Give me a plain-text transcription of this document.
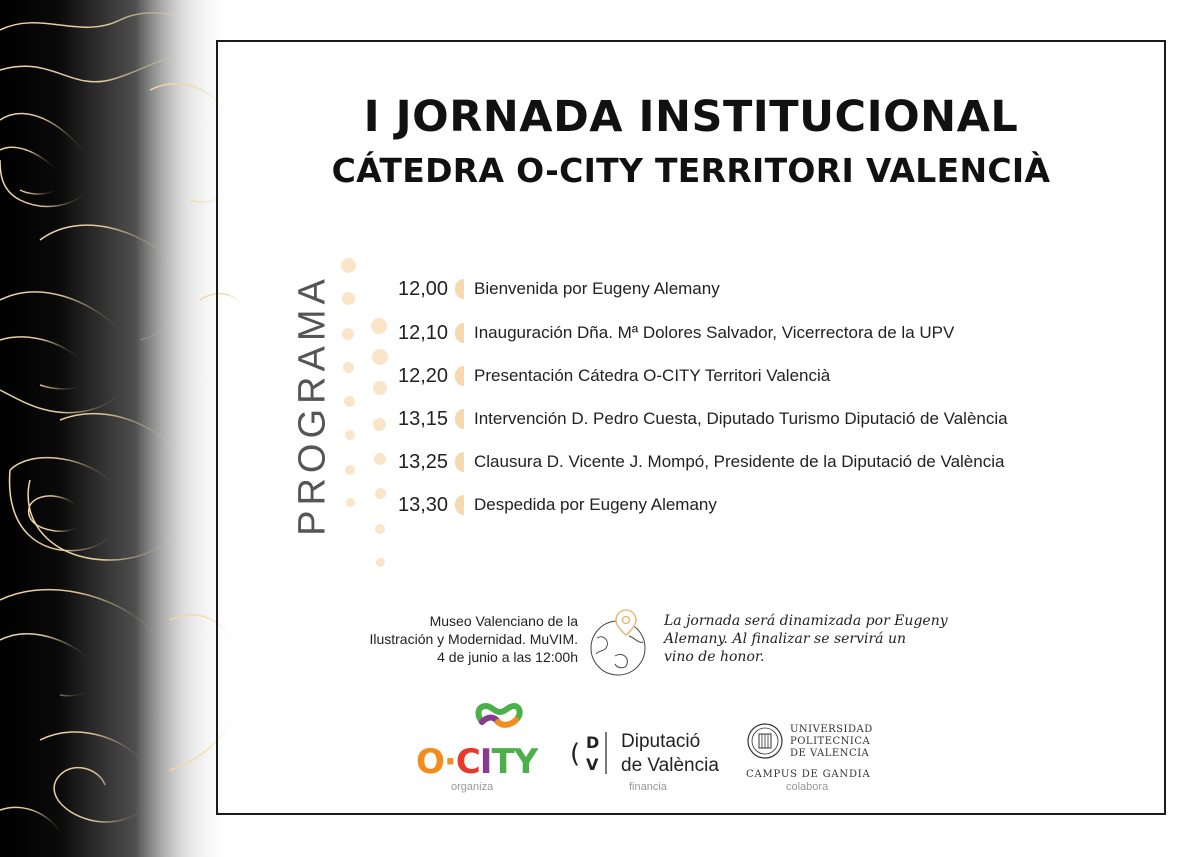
I JORNADA INSTITUCIONAL
CÁTEDRA O-CITY TERRITORI VALENCIÀ
PROGRAMA	12,00	Bienvenida por Eugeny Alemany
12,10	Inauguración Dña. Mª Dolores Salvador, Vicerrectora de la UPV
12,20	Presentación Cátedra O-CITY Territori Valencià
13,15	Intervención D. Pedro Cuesta, Diputado Turismo Diputació de València
13,25	Clausura D. Vicente J. Mompó, Presidente de la Diputació de València
13,30	Despedida por Eugeny Alemany
Museo Valenciano de la
Ilustración y Modernidad. MuVIM.
4 de junio a las 12:00h
La jornada será dinamizada por Eugeny
Alemany. Al finalizar se servirá un
vino de honor.
O·CITY
organiza
( D
V
Diputació
de València
financia
UNIVERSIDAD
POLITECNICA
DE VALENCIA
CAMPUS DE GANDIA
colabora
